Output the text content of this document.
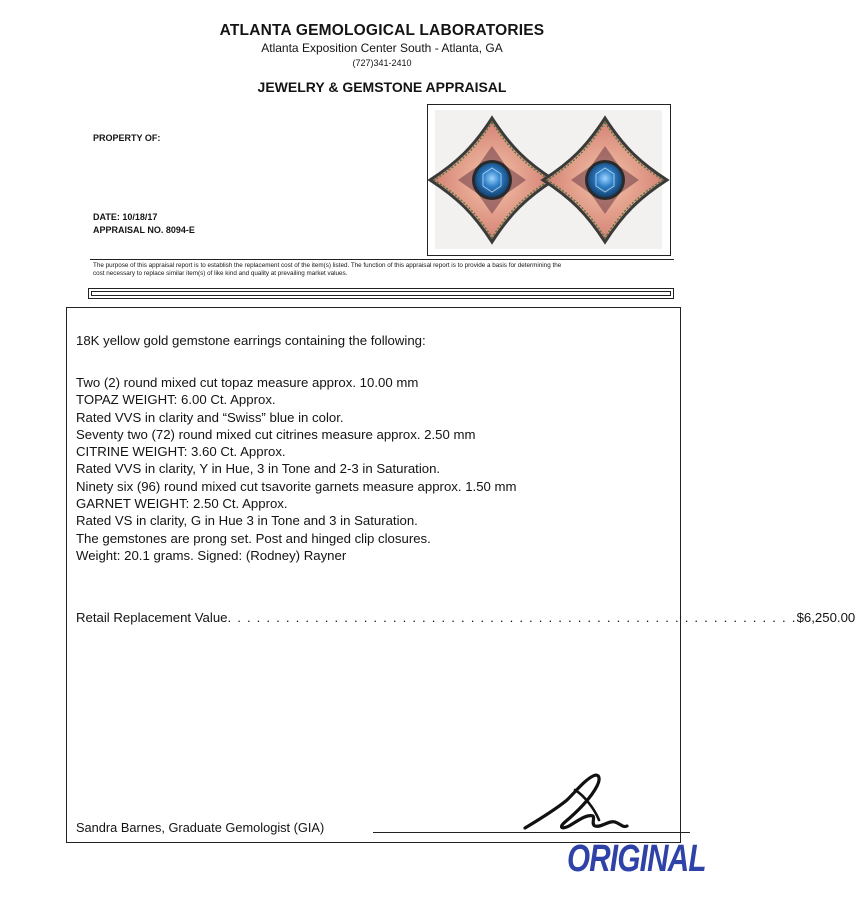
ATLANTA GEMOLOGICAL LABORATORIES
Atlanta Exposition Center South - Atlanta, GA
(727)341-2410
JEWELRY & GEMSTONE APPRAISAL
PROPERTY OF:
DATE: 10/18/17
APPRAISAL NO. 8094-E
The purpose of this appraisal report is to establish the replacement cost of the item(s) listed. The function of this appraisal report is to provide a basis for determining the
cost necessary to replace similar item(s) of like kind and quality at prevailing market values.
18K yellow gold gemstone earrings containing the following:
Two (2) round mixed cut topaz measure approx. 10.00 mm
TOPAZ WEIGHT: 6.00 Ct. Approx.
Rated VVS in clarity and “Swiss” blue in color.
Seventy two (72) round mixed cut citrines measure approx. 2.50 mm
CITRINE WEIGHT: 3.60 Ct. Approx.
Rated VVS in clarity, Y in Hue, 3 in Tone and 2-3 in Saturation.
Ninety six (96) round mixed cut tsavorite garnets measure approx. 1.50 mm
GARNET WEIGHT: 2.50 Ct. Approx.
Rated VS in clarity, G in Hue 3 in Tone and 3 in Saturation.
The gemstones are prong set. Post and hinged clip closures.
Weight: 20.1 grams. Signed: (Rodney) Rayner
Retail Replacement Value . . . . . . . . . . . . . . . . . . . . . . . . . . . . . . . . . . . . . . . . . . . . . . . . . . . . . . . . . . . $6,250.00
Sandra Barnes, Graduate Gemologist (GIA)
ORIGINAL
